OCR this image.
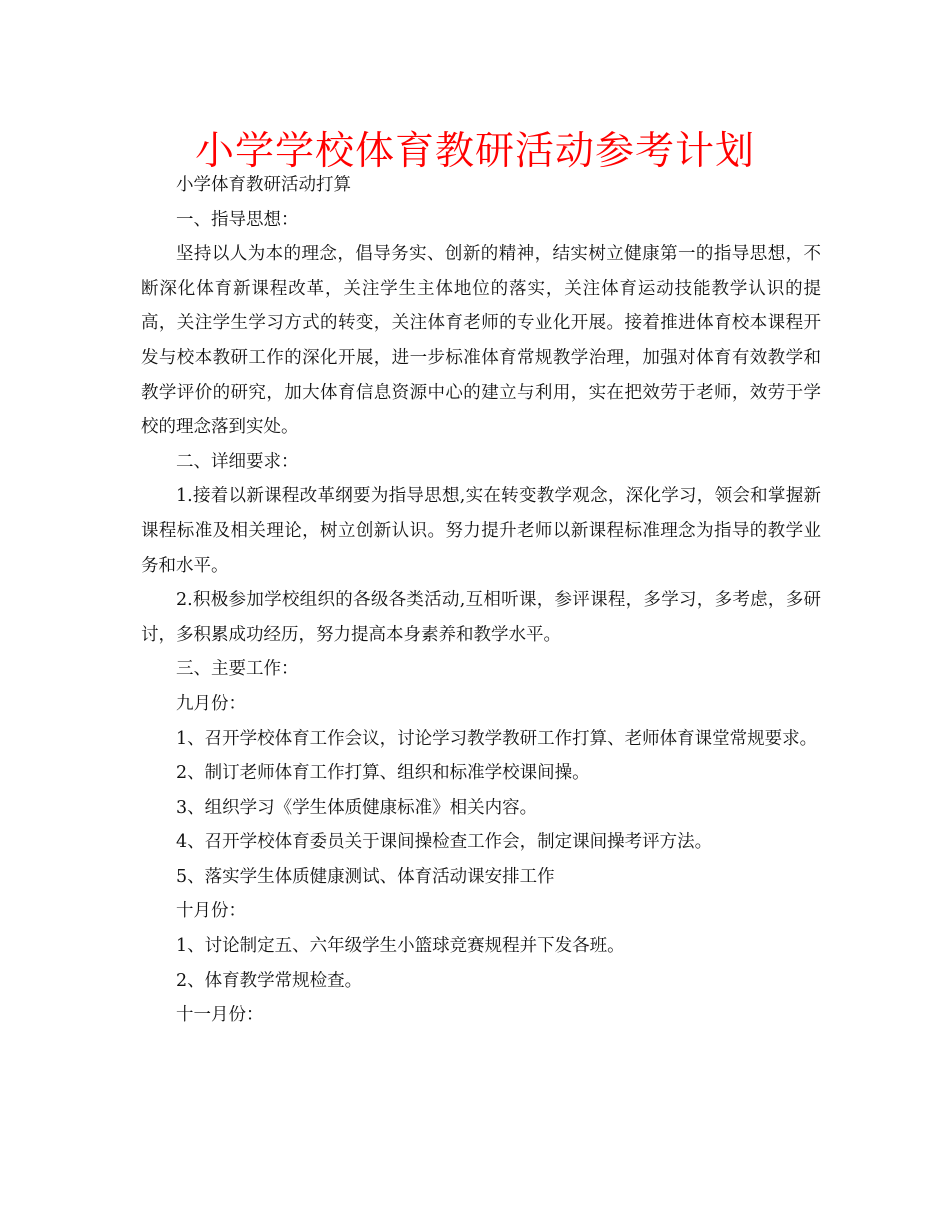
小学学校体育教研活动参考计划

小学体育教研活动打算

一、指导思想：

坚持以人为本的理念，倡导务实、创新的精神，结实树立健康第一的指导思想，不断深化体育新课程改革，关注学生主体地位的落实，关注体育运动技能教学认识的提高，关注学生学习方式的转变，关注体育老师的专业化开展。接着推进体育校本课程开发与校本教研工作的深化开展，进一步标准体育常规教学治理，加强对体育有效教学和教学评价的研究，加大体育信息资源中心的建立与利用，实在把效劳于老师，效劳于学校的理念落到实处。

二、详细要求：

1.接着以新课程改革纲要为指导思想,实在转变教学观念，深化学习，领会和掌握新课程标准及相关理论，树立创新认识。努力提升老师以新课程标准理念为指导的教学业务和水平。

2.积极参加学校组织的各级各类活动,互相听课，参评课程，多学习，多考虑，多研讨，多积累成功经历，努力提高本身素养和教学水平。

三、主要工作：

九月份：

1、召开学校体育工作会议，讨论学习教学教研工作打算、老师体育课堂常规要求。

2、制订老师体育工作打算、组织和标准学校课间操。

3、组织学习《学生体质健康标准》相关内容。

4、召开学校体育委员关于课间操检查工作会，制定课间操考评方法。

5、落实学生体质健康测试、体育活动课安排工作

十月份：

1、讨论制定五、六年级学生小篮球竞赛规程并下发各班。

2、体育教学常规检查。

十一月份：
